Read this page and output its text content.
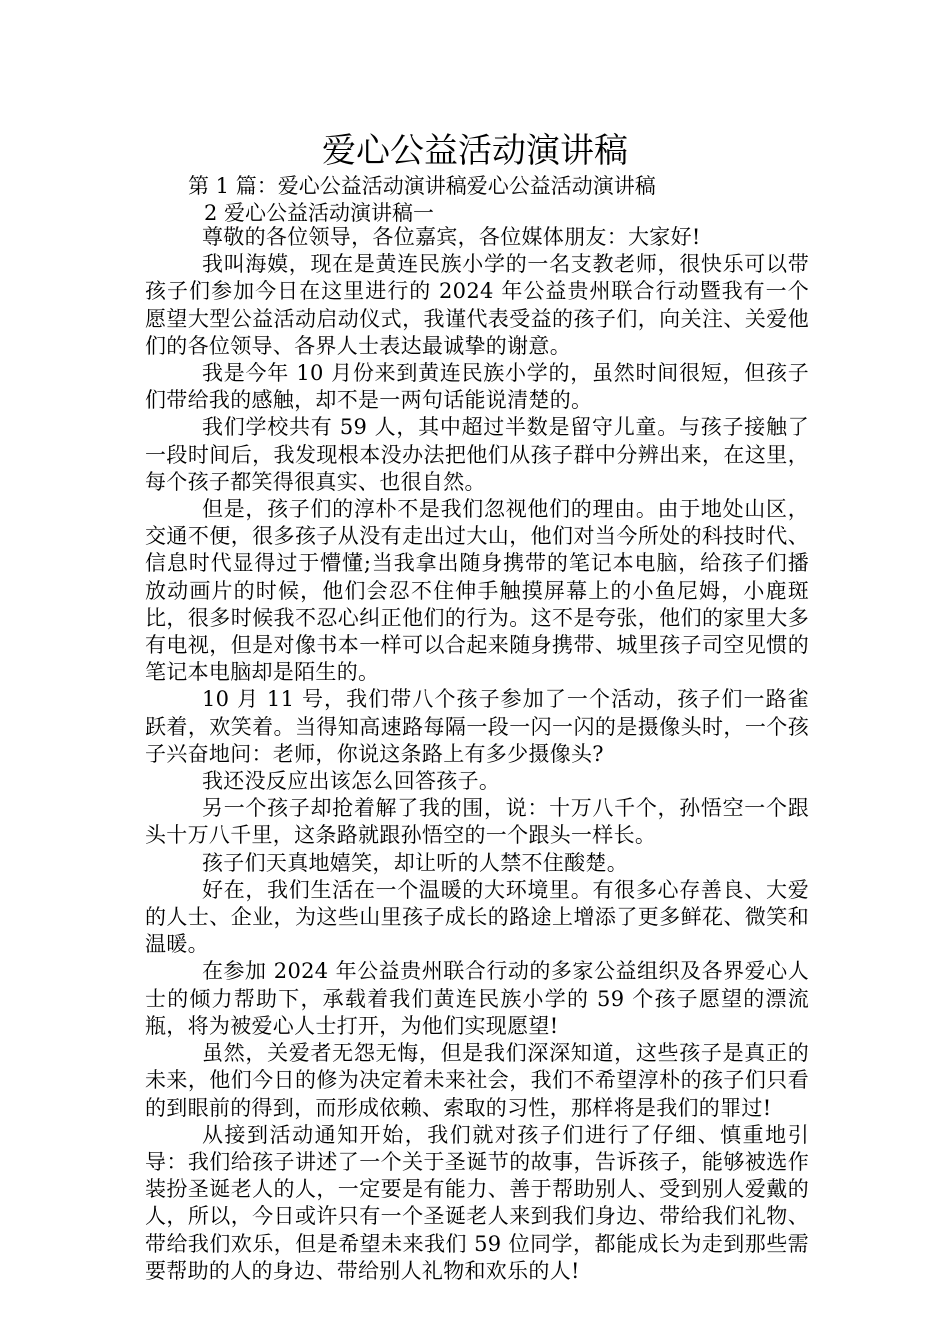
爱心公益活动演讲稿

第 1 篇：爱心公益活动演讲稿爱心公益活动演讲稿

2 爱心公益活动演讲稿一

尊敬的各位领导，各位嘉宾，各位媒体朋友：大家好!

我叫海嫫，现在是黄连民族小学的一名支教老师，很快乐可以带孩子们参加今日在这里进行的 2024 年公益贵州联合行动暨我有一个愿望大型公益活动启动仪式，我谨代表受益的孩子们，向关注、关爱他们的各位领导、各界人士表达最诚挚的谢意。

我是今年 10 月份来到黄连民族小学的，虽然时间很短，但孩子们带给我的感触，却不是一两句话能说清楚的。

我们学校共有 59 人，其中超过半数是留守儿童。与孩子接触了一段时间后，我发现根本没办法把他们从孩子群中分辨出来，在这里，每个孩子都笑得很真实、也很自然。

但是，孩子们的淳朴不是我们忽视他们的理由。由于地处山区，交通不便，很多孩子从没有走出过大山，他们对当今所处的科技时代、信息时代显得过于懵懂;当我拿出随身携带的笔记本电脑，给孩子们播放动画片的时候，他们会忍不住伸手触摸屏幕上的小鱼尼姆，小鹿斑比，很多时候我不忍心纠正他们的行为。这不是夸张，他们的家里大多有电视，但是对像书本一样可以合起来随身携带、城里孩子司空见惯的笔记本电脑却是陌生的。

10 月 11 号，我们带八个孩子参加了一个活动，孩子们一路雀跃着，欢笑着。当得知高速路每隔一段一闪一闪的是摄像头时，一个孩子兴奋地问：老师，你说这条路上有多少摄像头?

我还没反应出该怎么回答孩子。

另一个孩子却抢着解了我的围，说：十万八千个，孙悟空一个跟头十万八千里，这条路就跟孙悟空的一个跟头一样长。

孩子们天真地嬉笑，却让听的人禁不住酸楚。

好在，我们生活在一个温暖的大环境里。有很多心存善良、大爱的人士、企业，为这些山里孩子成长的路途上增添了更多鲜花、微笑和温暖。

在参加 2024 年公益贵州联合行动的多家公益组织及各界爱心人士的倾力帮助下，承载着我们黄连民族小学的 59 个孩子愿望的漂流瓶，将为被爱心人士打开，为他们实现愿望!

虽然，关爱者无怨无悔，但是我们深深知道，这些孩子是真正的未来，他们今日的修为决定着未来社会，我们不希望淳朴的孩子们只看的到眼前的得到，而形成依赖、索取的习性，那样将是我们的罪过!

从接到活动通知开始，我们就对孩子们进行了仔细、慎重地引导：我们给孩子讲述了一个关于圣诞节的故事，告诉孩子，能够被选作装扮圣诞老人的人，一定要是有能力、善于帮助别人、受到别人爱戴的人，所以，今日或许只有一个圣诞老人来到我们身边、带给我们礼物、带给我们欢乐，但是希望未来我们 59 位同学，都能成长为走到那些需要帮助的人的身边、带给别人礼物和欢乐的人!
